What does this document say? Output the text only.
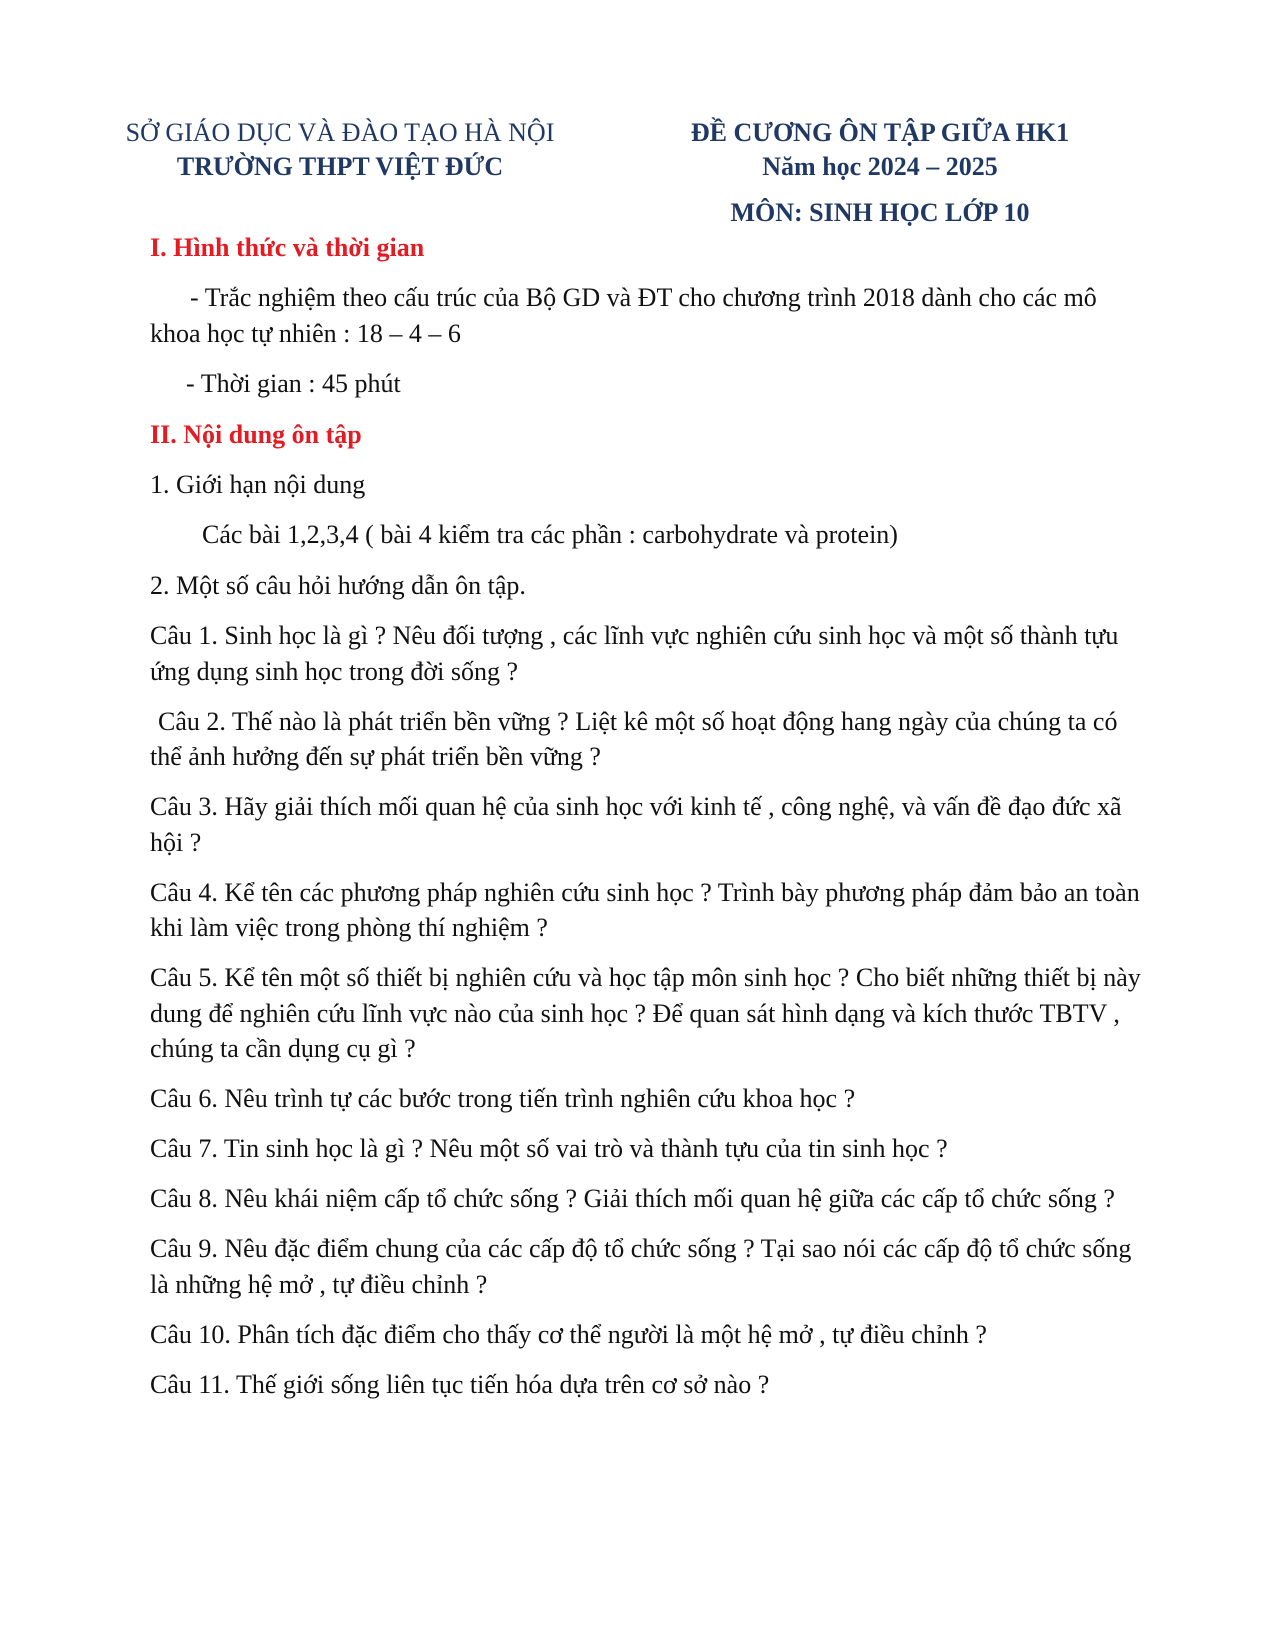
SỞ GIÁO DỤC VÀ ĐÀO TẠO HÀ NỘI
TRƯỜNG THPT VIỆT ĐỨC
ĐỀ CƯƠNG ÔN TẬP GIỮA HK1
Năm học 2024 – 2025
MÔN: SINH HỌC LỚP 10
I. Hình thức và thời gian
- Trắc nghiệm theo cấu trúc của Bộ GD và ĐT cho chương trình 2018 dành cho các mô khoa học tự nhiên : 18 – 4 – 6
- Thời gian : 45 phút
II. Nội dung ôn tập
1. Giới hạn nội dung
Các bài 1,2,3,4 ( bài 4 kiểm tra các phần : carbohydrate và protein)
2. Một số câu hỏi hướng dẫn ôn tập.
Câu 1. Sinh học là gì ? Nêu đối tượng , các lĩnh vực nghiên cứu sinh học và một số thành tựu ứng dụng sinh học trong đời sống ?
Câu 2. Thế nào là phát triển bền vững ? Liệt kê một số hoạt động hang ngày của chúng ta có thể ảnh hưởng đến sự phát triển bền vững ?
Câu 3. Hãy giải thích mối quan hệ của sinh học với kinh tế , công nghệ, và vấn đề đạo đức xã hội ?
Câu 4. Kể tên các phương pháp nghiên cứu sinh học ? Trình bày phương pháp đảm bảo an toàn khi làm việc trong phòng thí nghiệm ?
Câu 5. Kể tên một số thiết bị nghiên cứu và học tập môn sinh học ? Cho biết những thiết bị này dung để nghiên cứu lĩnh vực nào của sinh học ? Để quan sát hình dạng và kích thước TBTV , chúng ta cần dụng cụ gì ?
Câu 6. Nêu trình tự các bước trong tiến trình nghiên cứu khoa học ?
Câu 7. Tin sinh học là gì ? Nêu một số vai trò và thành tựu của tin sinh học ?
Câu 8. Nêu khái niệm cấp tổ chức sống ? Giải thích mối quan hệ giữa các cấp tổ chức sống ?
Câu 9. Nêu đặc điểm chung của các cấp độ tổ chức sống ? Tại sao nói các cấp độ tổ chức sống là những hệ mở , tự điều chỉnh ?
Câu 10. Phân tích đặc điểm cho thấy cơ thể người là một hệ mở , tự điều chỉnh ?
Câu 11. Thế giới sống liên tục tiến hóa dựa trên cơ sở nào ?
